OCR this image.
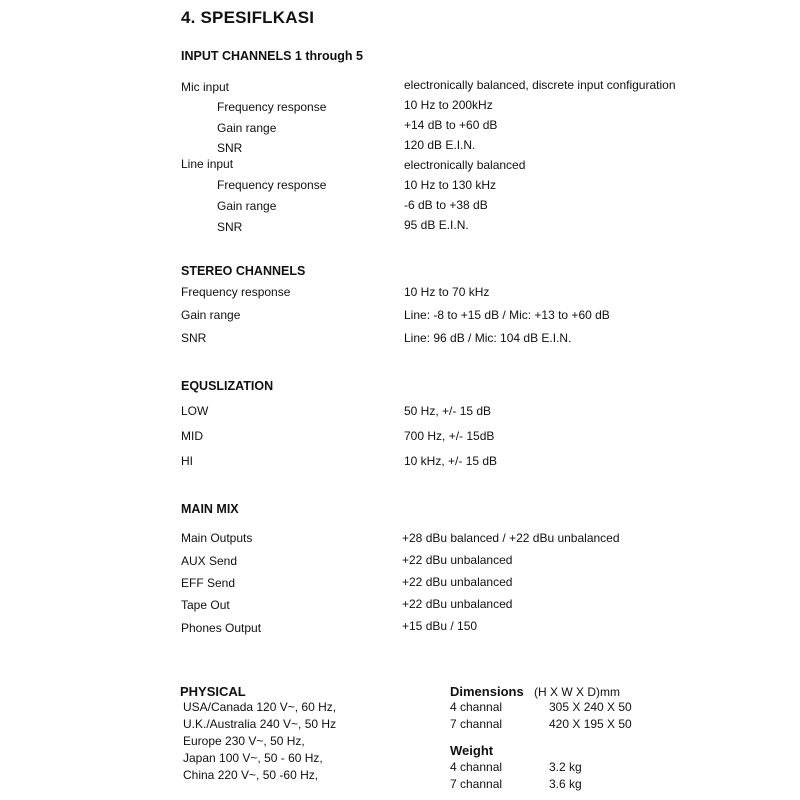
4. SPESIFLKASI
INPUT CHANNELS 1 through 5
Mic input	electronically balanced, discrete input configuration
Frequency response	10 Hz to 200kHz
Gain range	+14 dB to +60 dB
SNR	120 dB E.I.N.
Line input	electronically balanced
Frequency response	10 Hz to 130 kHz
Gain range	-6 dB to +38 dB
SNR	95 dB E.I.N.
STEREO CHANNELS
Frequency response	10 Hz to 70 kHz
Gain range	Line: -8 to +15 dB / Mic: +13 to +60 dB
SNR	Line: 96 dB / Mic: 104 dB E.I.N.
EQUSLIZATION
LOW	50 Hz, +/- 15 dB
MID	700 Hz, +/- 15dB
HI	10 kHz, +/- 15 dB
MAIN MIX
Main Outputs	+28 dBu balanced / +22 dBu unbalanced
AUX Send	+22 dBu unbalanced
EFF Send	+22 dBu unbalanced
Tape Out	+22 dBu unbalanced
Phones Output	+15 dBu / 150
PHYSICAL
USA/Canada 120 V~, 60 Hz,
U.K./Australia 240 V~, 50 Hz
Europe 230 V~, 50 Hz,
Japan 100 V~, 50 - 60 Hz,
China 220 V~, 50 -60 Hz,
Dimensions (H X W X D)mm
4 channal	305 X 240 X 50
7 channal	420 X 195 X 50
Weight
4 channal	3.2 kg
7 channal	3.6 kg
